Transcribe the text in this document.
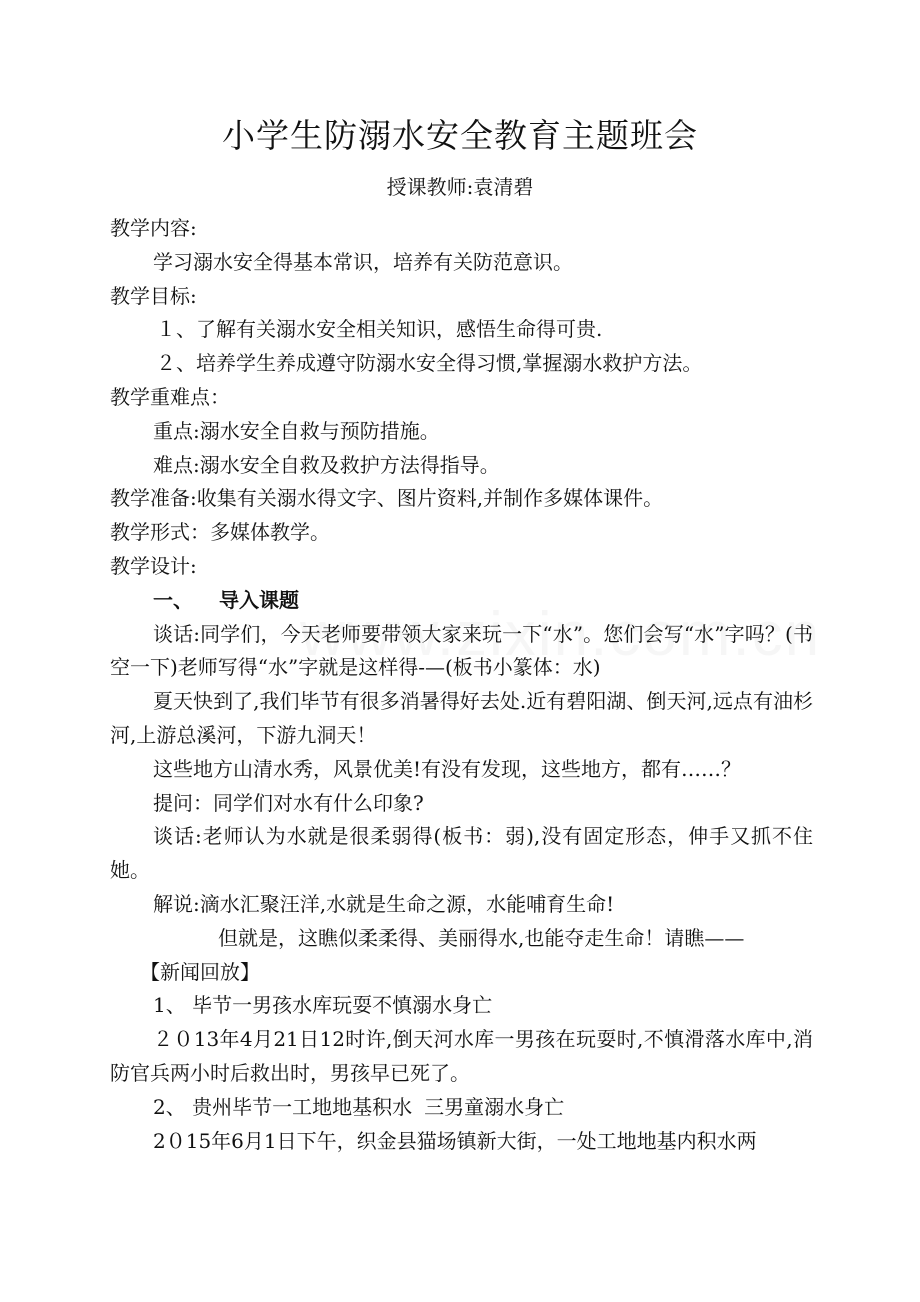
小学生防溺水安全教育主题班会
授课教师:袁清碧

教学内容:

学习溺水安全得基本常识，培养有关防范意识。

教学目标:

１、了解有关溺水安全相关知识，感悟生命得可贵.

２、培养学生养成遵守防溺水安全得习惯,掌握溺水救护方法。

教学重难点：

重点:溺水安全自救与预防措施。

难点:溺水安全自救及救护方法得指导。

教学准备:收集有关溺水得文字、图片资料,并制作多媒体课件。

教学形式：多媒体教学。

教学设计:

一、 导入课题

谈话:同学们，今天老师要带领大家来玩一下“水”。您们会写“水”字吗？(书空一下)老师写得“水”字就是这样得-—(板书小篆体：水)

夏天快到了,我们毕节有很多消暑得好去处.近有碧阳湖、倒天河,远点有油杉河,上游总溪河，下游九洞天！

这些地方山清水秀，风景优美!有没有发现，这些地方，都有……？

提问：同学们对水有什么印象?

谈话:老师认为水就是很柔弱得(板书：弱),没有固定形态，伸手又抓不住她。

解说:滴水汇聚汪洋,水就是生命之源，水能哺育生命!

但就是，这瞧似柔柔得、美丽得水,也能夺走生命！请瞧——

【新闻回放】

1、 毕节一男孩水库玩耍不慎溺水身亡

２０13年4月21日12时许,倒天河水库一男孩在玩耍时,不慎滑落水库中,消防官兵两小时后救出时，男孩早已死了。

2、 贵州毕节一工地地基积水 三男童溺水身亡

2０15年6月1日下午，织金县猫场镇新大街，一处工地地基内积水两
